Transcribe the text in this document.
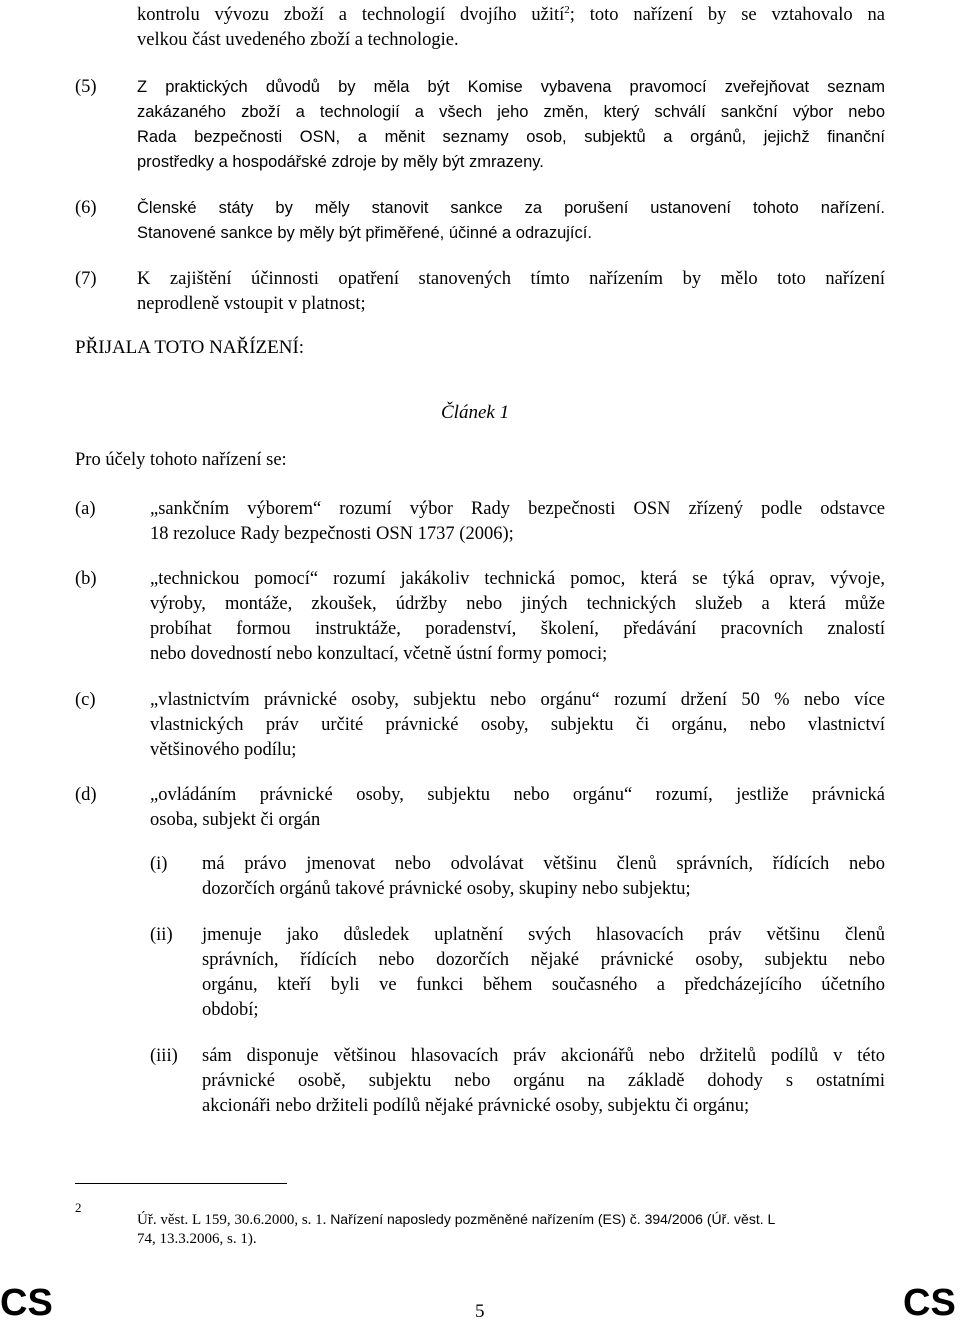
kontrolu vývozu zboží a technologií dvojího užití$^2$; toto nařízení by se vztahovalo na
velkou část uvedeného zboží a technologie.
(5) Z praktických důvodů by měla být Komise vybavena pravomocí zveřejňovat seznam
zakázaného zboží a technologií a všech jeho změn, který schválí sankční výbor nebo
Rada bezpečnosti OSN, a měnit seznamy osob, subjektů a orgánů, jejichž finanční
prostředky a hospodářské zdroje by měly být zmrazeny.
(6) Členské státy by měly stanovit sankce za porušení ustanovení tohoto nařízení.
Stanovené sankce by měly být přiměřené, účinné a odrazující.
(7) K zajištění účinnosti opatření stanovených tímto nařízením by mělo toto nařízení
neprodleně vstoupit v platnost;
PŘIJALA TOTO NAŘÍZENÍ:
Článek 1
Pro účely tohoto nařízení se:
(a)	„sankčním výborem“ rozumí výbor Rady bezpečnosti OSN zřízený podle odstavce
18 rezoluce Rady bezpečnosti OSN 1737 (2006);
(b)	„technickou pomocí“ rozumí jakákoliv technická pomoc, která se týká oprav, vývoje,
výroby, montáže, zkoušek, údržby nebo jiných technických služeb a která může
probíhat formou instruktáže, poradenství, školení, předávání pracovních znalostí
nebo dovedností nebo konzultací, včetně ústní formy pomoci;
(c)	„vlastnictvím právnické osoby, subjektu nebo orgánu“ rozumí držení 50 % nebo více
vlastnických práv určité právnické osoby, subjektu či orgánu, nebo vlastnictví
většinového podílu;
(d)	„ovládáním právnické osoby, subjektu nebo orgánu“ rozumí, jestliže právnická
osoba, subjekt či orgán
(i) má právo jmenovat nebo odvolávat většinu členů správních, řídících nebo
dozorčích orgánů takové právnické osoby, skupiny nebo subjektu;
(ii) jmenuje jako důsledek uplatnění svých hlasovacích práv většinu členů
správních, řídících nebo dozorčích nějaké právnické osoby, subjektu nebo
orgánu, kteří byli ve funkci během současného a předcházejícího účetního
období;
(iii) sám disponuje většinou hlasovacích práv akcionářů nebo držitelů podílů v této
právnické osobě, subjektu nebo orgánu na základě dohody s ostatními
akcionáři nebo držiteli podílů nějaké právnické osoby, subjektu či orgánu;
2
Úř. věst. L 159, 30.6.2000, s. 1. Nařízení naposledy pozměněné nařízením (ES) č. 394/2006 (Úř. věst. L
74, 13.3.2006, s. 1).
CS	5	CS
